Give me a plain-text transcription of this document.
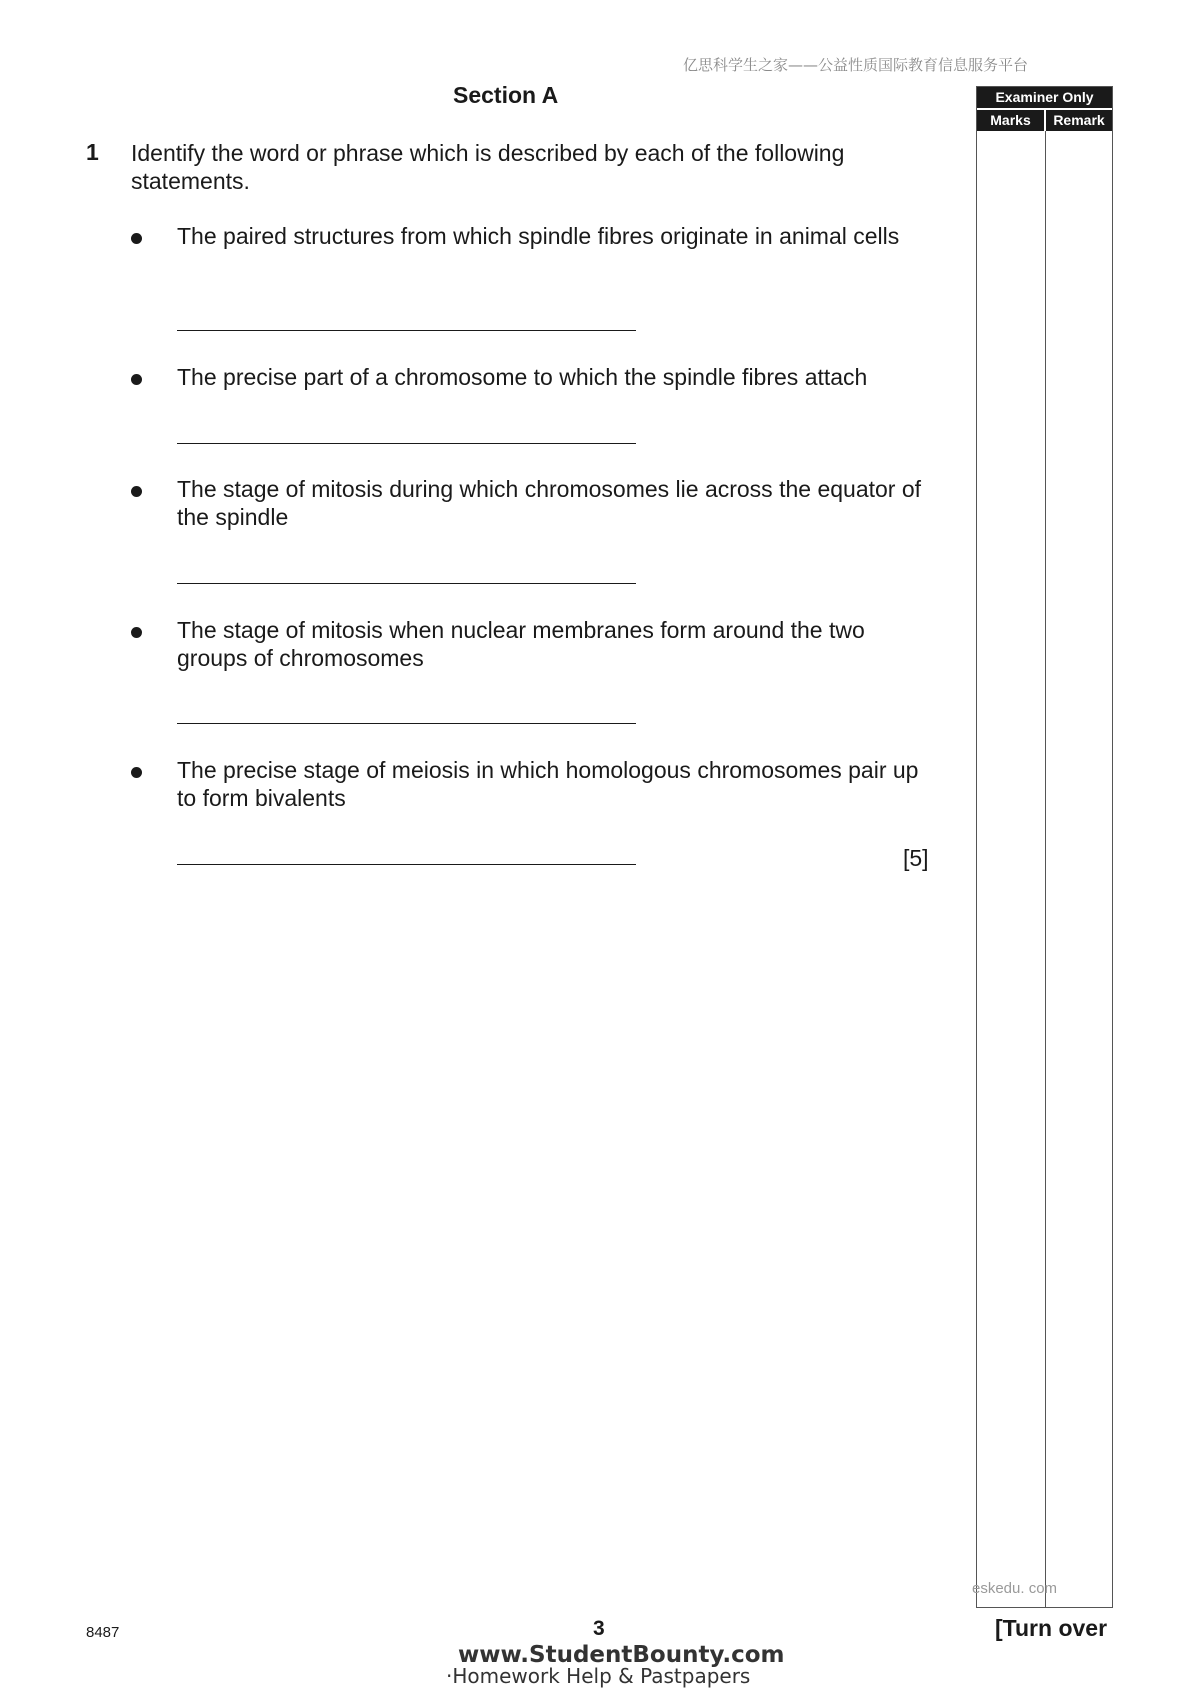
亿思科学生之家——公益性质国际教育信息服务平台
Section A
1 Identify the word or phrase which is described by each of the following statements.
The paired structures from which spindle fibres originate in animal cells
The precise part of a chromosome to which the spindle fibres attach
The stage of mitosis during which chromosomes lie across the equator of the spindle
The stage of mitosis when nuclear membranes form around the two groups of chromosomes
The precise stage of meiosis in which homologous chromosomes pair up to form bivalents
[5]
Examiner Only
Marks	Remark
eskedu. com
8487	3	[Turn over
www.StudentBounty.com
·Homework Help & Pastpapers
